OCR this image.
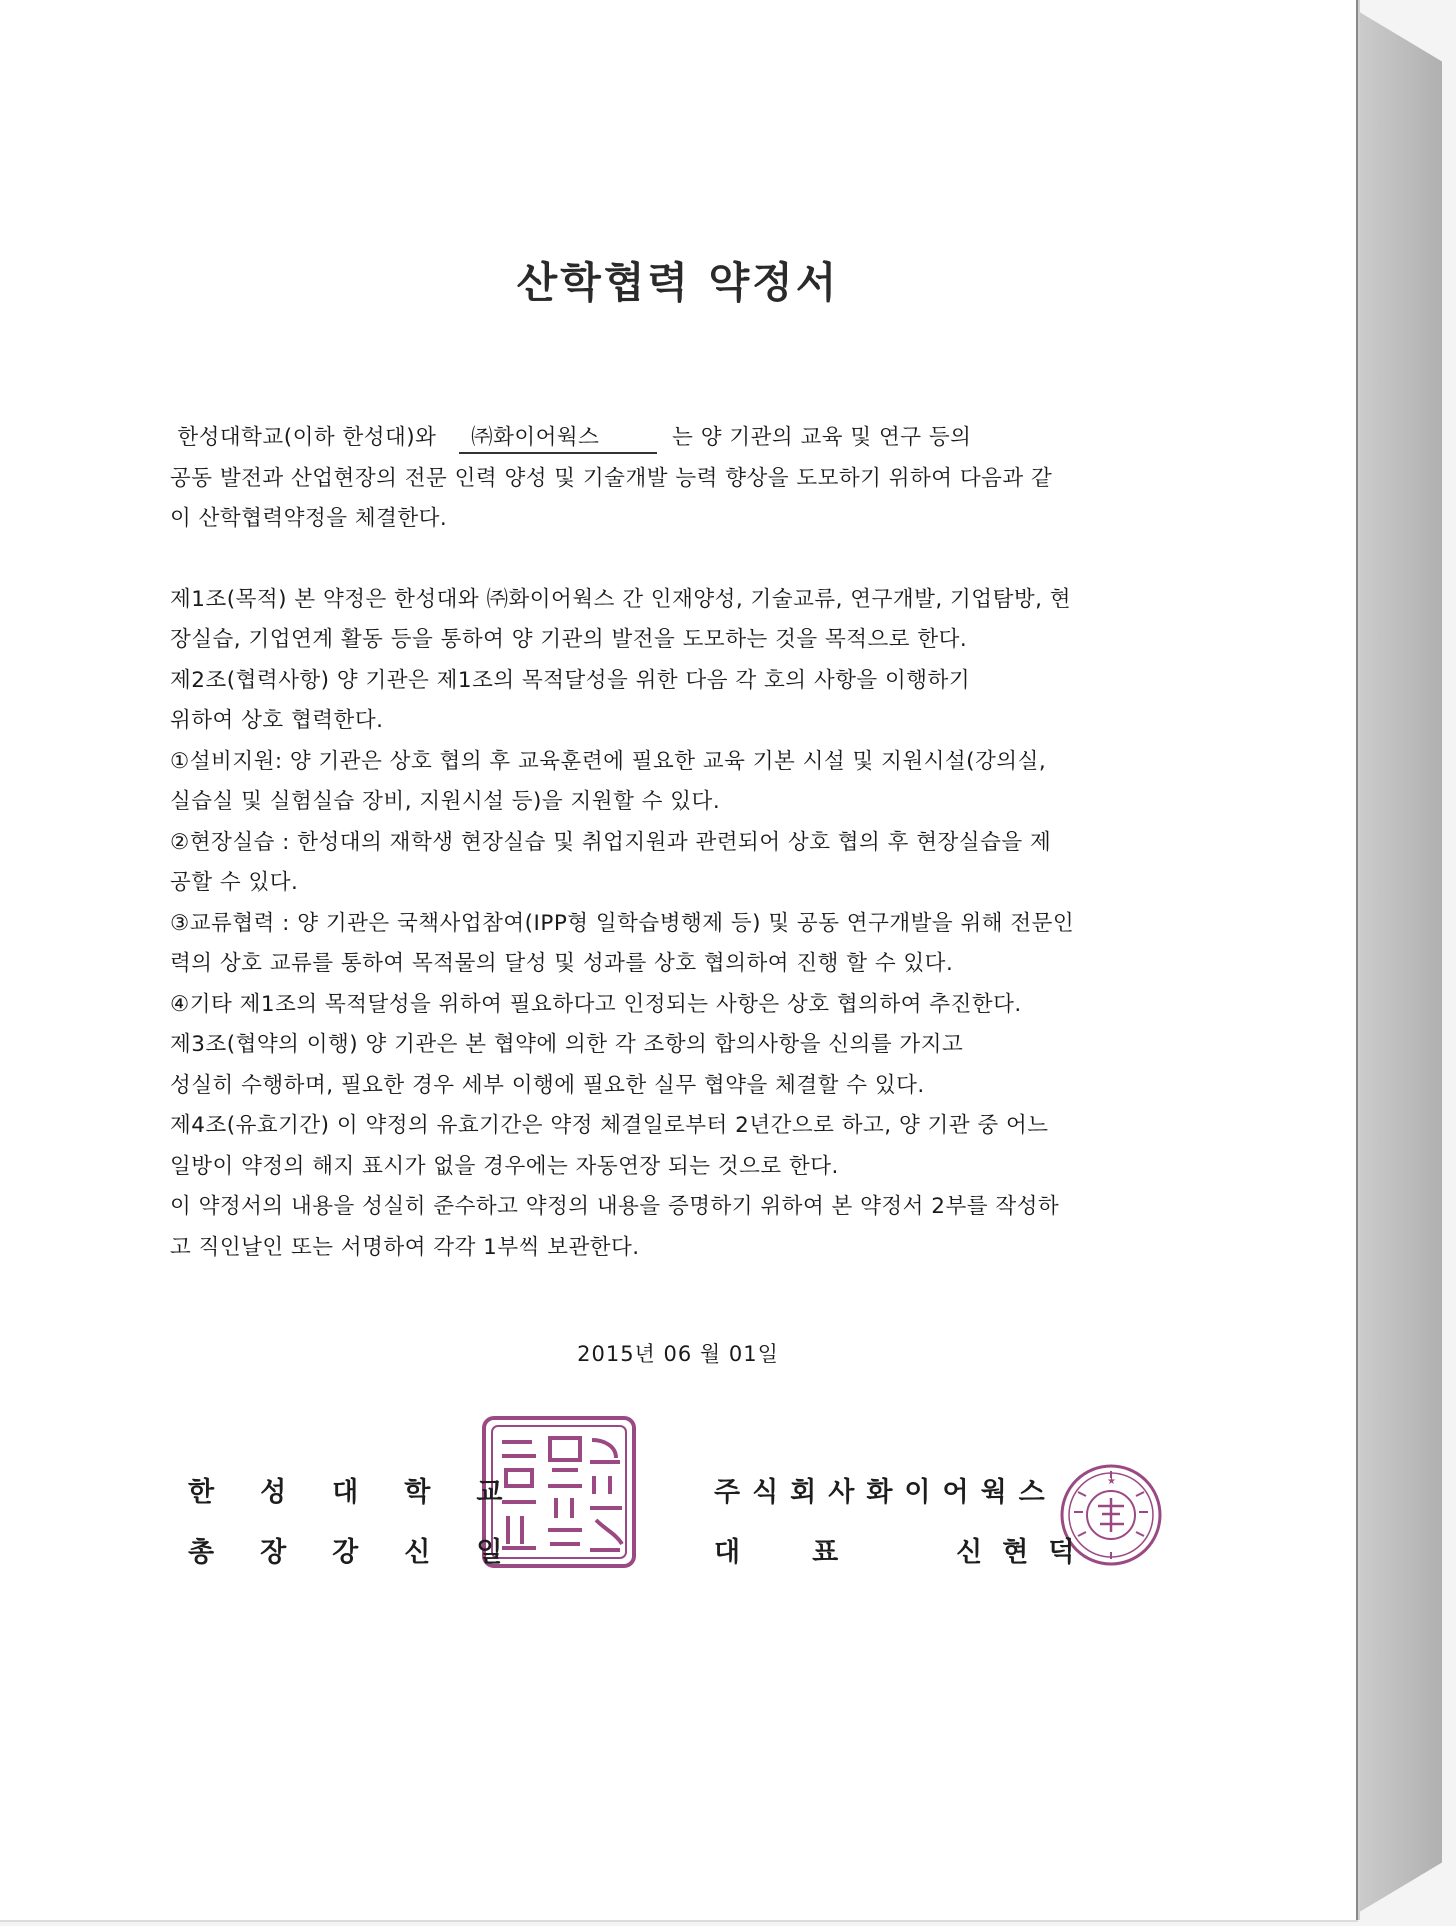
산학협력 약정서
한성대학교(이하 한성대)와 ㈜화이어웍스	는 양 기관의 교육 및 연구 등의
공동 발전과 산업현장의 전문 인력 양성 및 기술개발 능력 향상을 도모하기 위하여 다음과 같
이 산학협력약정을 체결한다.
제1조(목적) 본 약정은 한성대와 ㈜화이어웍스 간 인재양성, 기술교류, 연구개발, 기업탐방, 현
장실습, 기업연계 활동 등을 통하여 양 기관의 발전을 도모하는 것을 목적으로 한다.
제2조(협력사항) 양 기관은 제1조의 목적달성을 위한 다음 각 호의 사항을 이행하기
위하여 상호 협력한다.
①설비지원: 양 기관은 상호 협의 후 교육훈련에 필요한 교육 기본 시설 및 지원시설(강의실,
실습실 및 실험실습 장비, 지원시설 등)을 지원할 수 있다.
②현장실습 : 한성대의 재학생 현장실습 및 취업지원과 관련되어 상호 협의 후 현장실습을 제
공할 수 있다.
③교류협력 : 양 기관은 국책사업참여(IPP형 일학습병행제 등) 및 공동 연구개발을 위해 전문인
력의 상호 교류를 통하여 목적물의 달성 및 성과를 상호 협의하여 진행 할 수 있다.
④기타 제1조의 목적달성을 위하여 필요하다고 인정되는 사항은 상호 협의하여 추진한다.
제3조(협약의 이행) 양 기관은 본 협약에 의한 각 조항의 합의사항을 신의를 가지고
성실히 수행하며, 필요한 경우 세부 이행에 필요한 실무 협약을 체결할 수 있다.
제4조(유효기간) 이 약정의 유효기간은 약정 체결일로부터 2년간으로 하고, 양 기관 중 어느
일방이 약정의 해지 표시가 없을 경우에는 자동연장 되는 것으로 한다.
이 약정서의 내용을 성실히 준수하고 약정의 내용을 증명하기 위하여 본 약정서 2부를 작성하
고 직인날인 또는 서명하여 각각 1부씩 보관한다.
2015년 06 월 01일
★
한성대학교
총장강신일
주식회사화이어웍스
대표 신현덕
